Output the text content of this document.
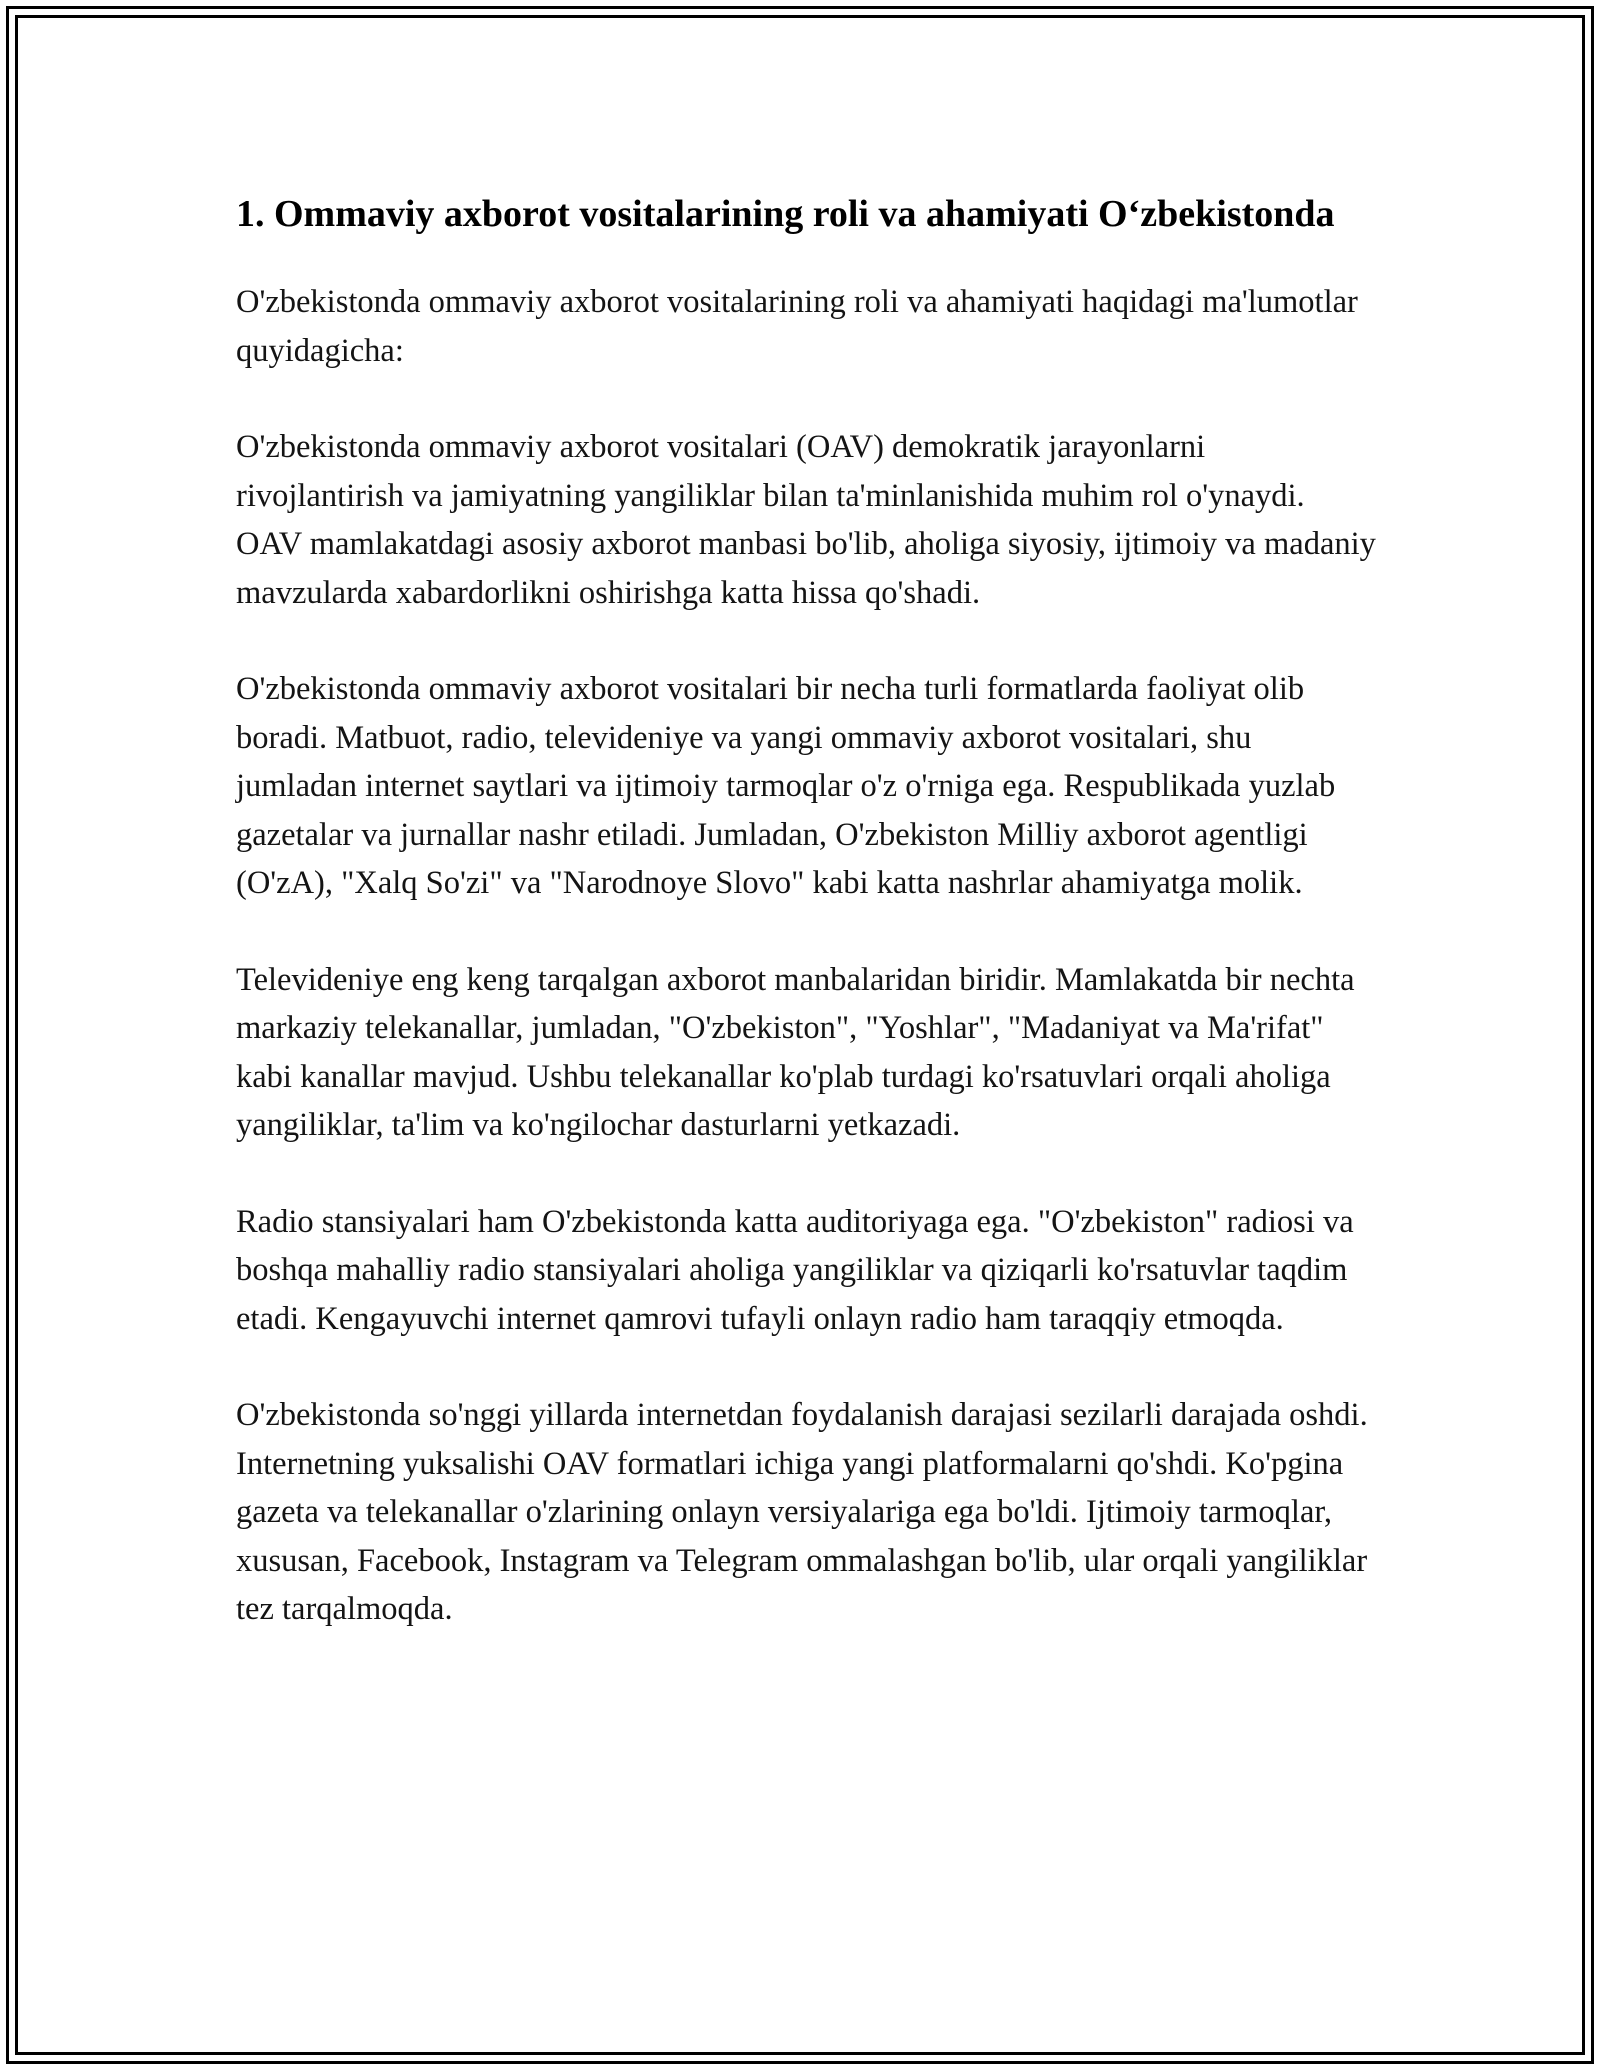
1. Ommaviy axborot vositalarining roli va ahamiyati O‘zbekistonda

O'zbekistonda ommaviy axborot vositalarining roli va ahamiyati haqidagi ma'lumotlar quyidagicha:

O'zbekistonda ommaviy axborot vositalari (OAV) demokratik jarayonlarni rivojlantirish va jamiyatning yangiliklar bilan ta'minlanishida muhim rol o'ynaydi. OAV mamlakatdagi asosiy axborot manbasi bo'lib, aholiga siyosiy, ijtimoiy va madaniy mavzularda xabardorlikni oshirishga katta hissa qo'shadi.

O'zbekistonda ommaviy axborot vositalari bir necha turli formatlarda faoliyat olib boradi. Matbuot, radio, televideniye va yangi ommaviy axborot vositalari, shu jumladan internet saytlari va ijtimoiy tarmoqlar o'z o'rniga ega. Respublikada yuzlab gazetalar va jurnallar nashr etiladi. Jumladan, O'zbekiston Milliy axborot agentligi (O'zA), "Xalq So'zi" va "Narodnoye Slovo" kabi katta nashrlar ahamiyatga molik.

Televideniye eng keng tarqalgan axborot manbalaridan biridir. Mamlakatda bir nechta markaziy telekanallar, jumladan, "O'zbekiston", "Yoshlar", "Madaniyat va Ma'rifat" kabi kanallar mavjud. Ushbu telekanallar ko'plab turdagi ko'rsatuvlari orqali aholiga yangiliklar, ta'lim va ko'ngilochar dasturlarni yetkazadi.

Radio stansiyalari ham O'zbekistonda katta auditoriyaga ega. "O'zbekiston" radiosi va boshqa mahalliy radio stansiyalari aholiga yangiliklar va qiziqarli ko'rsatuvlar taqdim etadi. Kengayuvchi internet qamrovi tufayli onlayn radio ham taraqqiy etmoqda.

O'zbekistonda so'nggi yillarda internetdan foydalanish darajasi sezilarli darajada oshdi. Internetning yuksalishi OAV formatlari ichiga yangi platformalarni qo'shdi. Ko'pgina gazeta va telekanallar o'zlarining onlayn versiyalariga ega bo'ldi. Ijtimoiy tarmoqlar, xususan, Facebook, Instagram va Telegram ommalashgan bo'lib, ular orqali yangiliklar tez tarqalmoqda.
